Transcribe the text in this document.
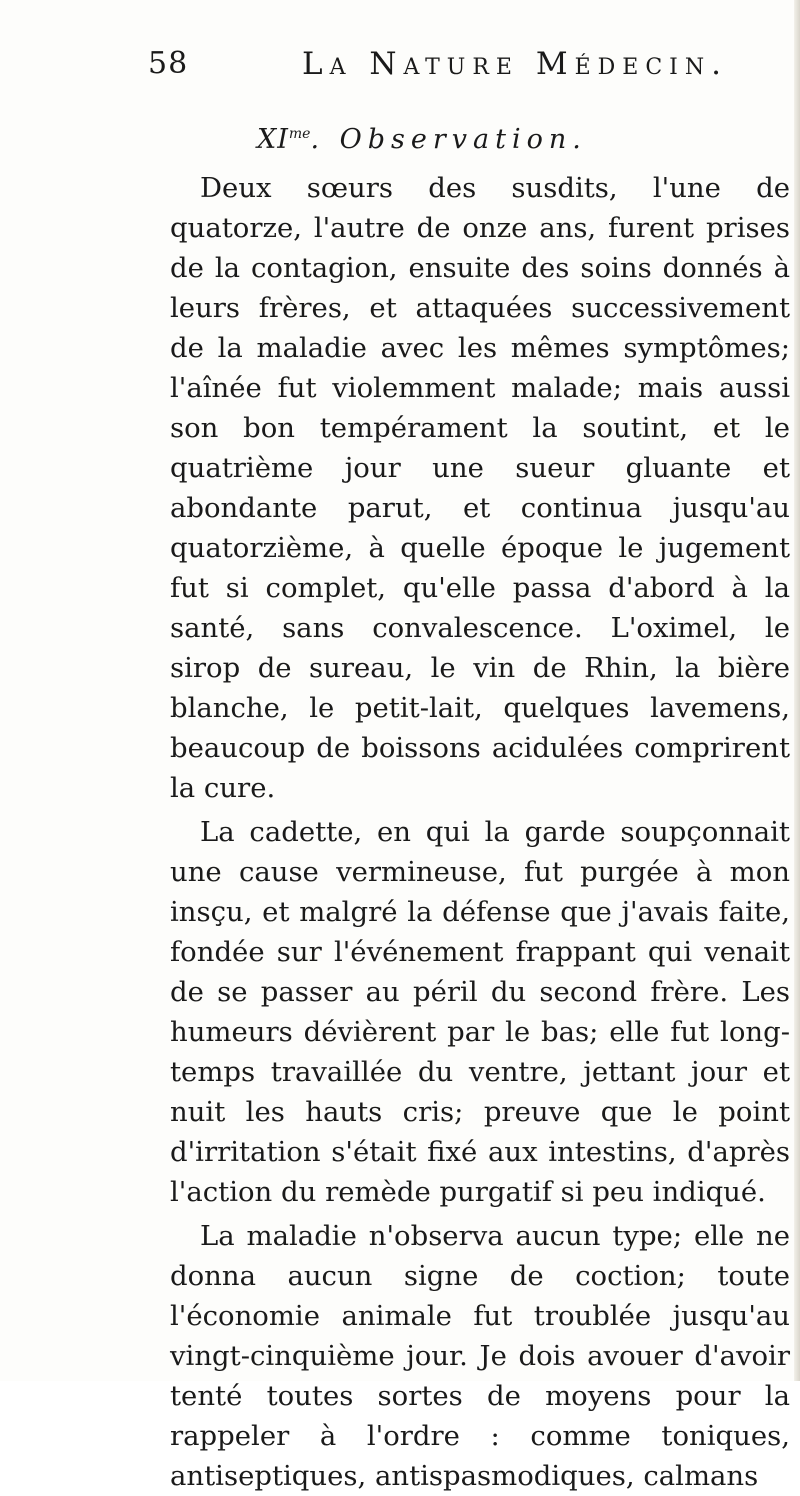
58	La Nature Médecin.
$XI^{me}$. Observation.

Deux sœurs des susdits, l'une de quatorze, l'autre de onze ans, furent prises de la contagion, ensuite des soins donnés à leurs frères, et attaquées successivement de la maladie avec les mêmes symptômes; l'aînée fut violemment malade; mais aussi son bon tempérament la soutint, et le quatrième jour une sueur gluante et abondante parut, et continua jusqu'au quatorzième, à quelle époque le jugement fut si complet, qu'elle passa d'abord à la santé, sans convalescence. L'oximel, le sirop de sureau, le vin de Rhin, la bière blanche, le petit-lait, quelques lavemens, beaucoup de boissons acidulées comprirent la cure.

La cadette, en qui la garde soupçonnait une cause vermineuse, fut purgée à mon insçu, et malgré la défense que j'avais faite, fondée sur l'événement frappant qui venait de se passer au péril du second frère. Les humeurs dévièrent par le bas; elle fut long-temps travaillée du ventre, jettant jour et nuit les hauts cris; preuve que le point d'irritation s'était fixé aux intestins, d'après l'action du remède purgatif si peu indiqué.

La maladie n'observa aucun type; elle ne donna aucun signe de coction; toute l'économie animale fut troublée jusqu'au vingt-cinquième jour. Je dois avouer d'avoir tenté toutes sortes de moyens pour la rappeler à l'ordre : comme toniques, antiseptiques, antispasmodiques, calmans
